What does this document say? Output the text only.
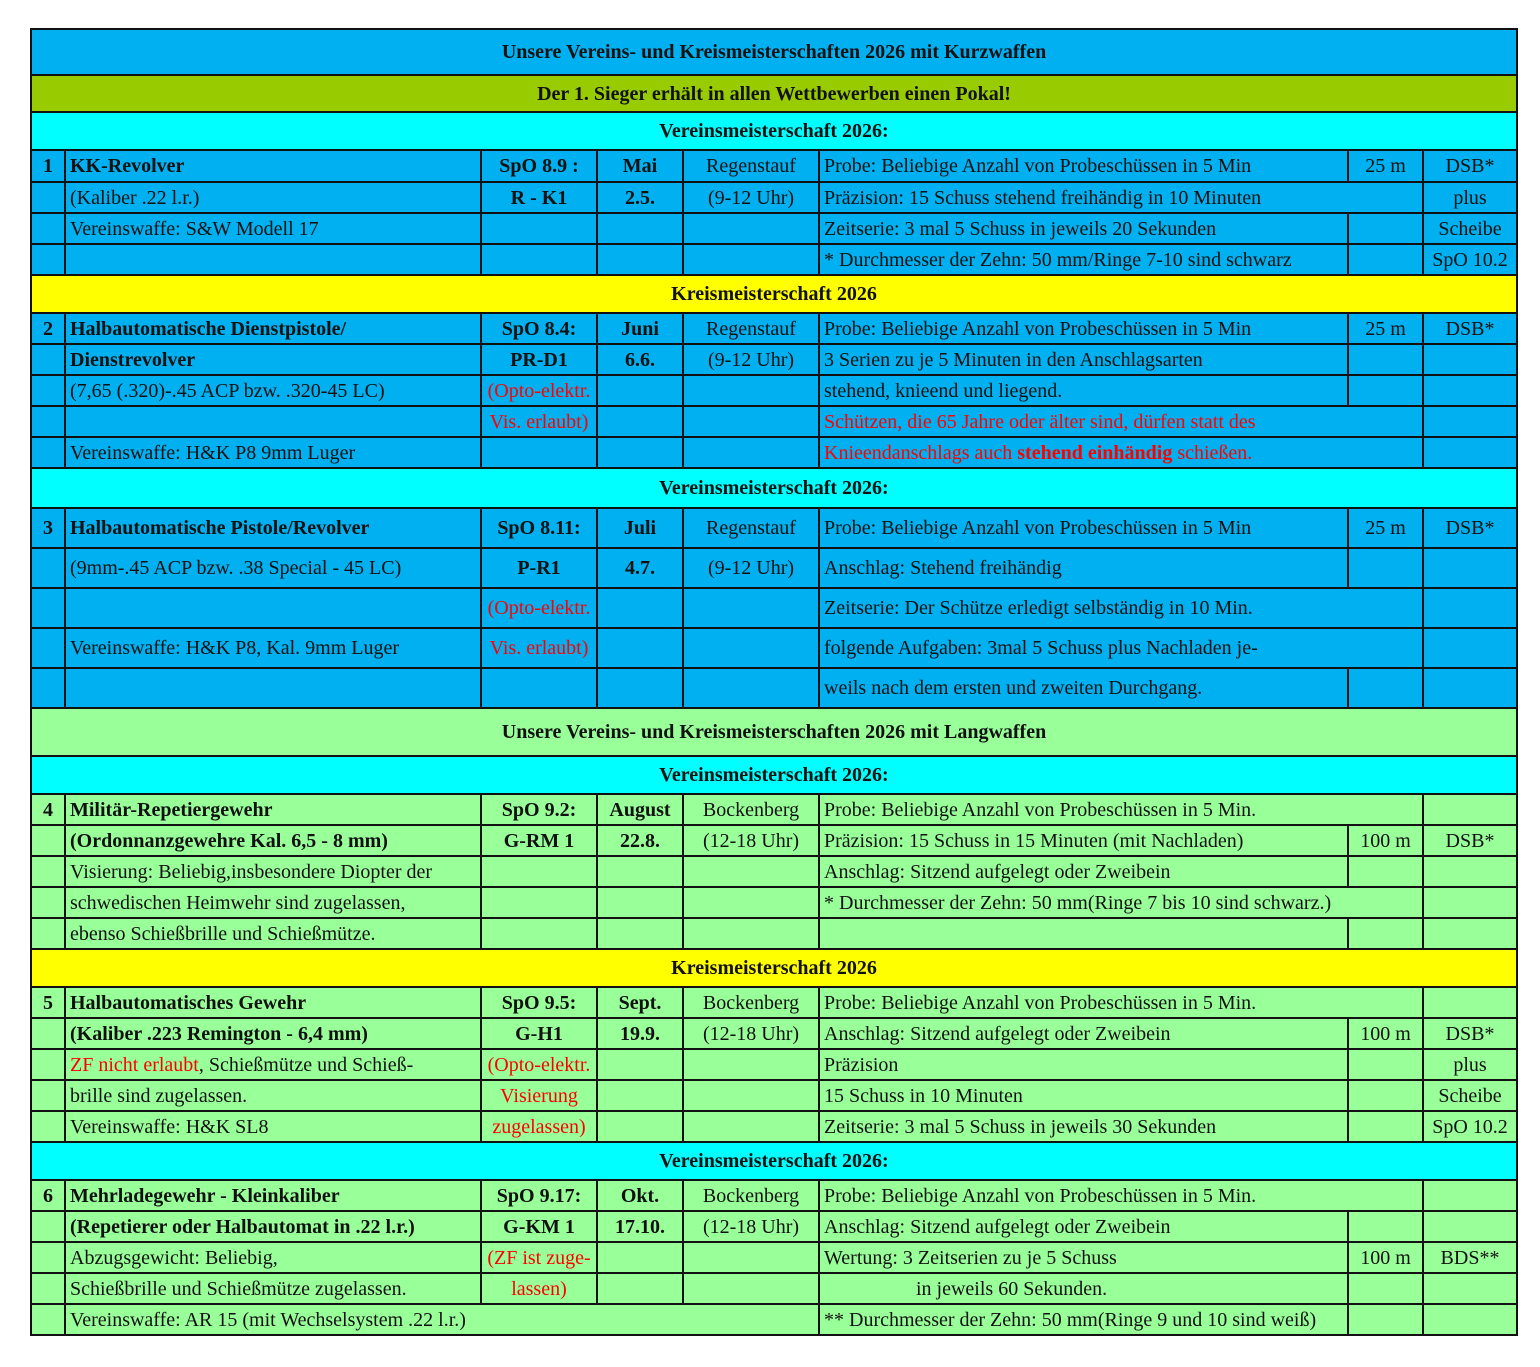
Unsere Vereins- und Kreismeisterschaften 2026 mit Kurzwaffen							
Der 1. Sieger erhält in allen Wettbewerben einen Pokal!							
Vereinsmeisterschaft 2026:							
1	KK-Revolver	SpO 8.9 :	Mai	Regenstauf	Probe: Beliebige Anzahl von Probeschüssen in 5 Min	25 m	DSB*
	(Kaliber .22 l.r.)	R - K1	2.5.	(9-12 Uhr)	Präzision: 15 Schuss stehend freihändig in 10 Minuten		plus
	Vereinswaffe: S&W Modell 17				Zeitserie: 3 mal 5 Schuss in jeweils 20 Sekunden		Scheibe
					* Durchmesser der Zehn: 50 mm/Ringe 7-10 sind schwarz		SpO 10.2
Kreismeisterschaft 2026							
2	Halbautomatische Dienstpistole/	SpO 8.4:	Juni	Regenstauf	Probe: Beliebige Anzahl von Probeschüssen in 5 Min	25 m	DSB*
	Dienstrevolver	PR-D1	6.6.	(9-12 Uhr)	3 Serien zu je 5 Minuten in den Anschlagsarten		
	(7,65 (.320)-.45 ACP bzw. .320-45 LC)	(Opto-elektr.			stehend, knieend und liegend.		
		Vis. erlaubt)			Schützen, die 65 Jahre oder älter sind, dürfen statt des		
	Vereinswaffe: H&K P8 9mm Luger				Knieendanschlags auch stehend einhändig schießen.		
Vereinsmeisterschaft 2026:							
3	Halbautomatische Pistole/Revolver	SpO 8.11:	Juli	Regenstauf	Probe: Beliebige Anzahl von Probeschüssen in 5 Min	25 m	DSB*
	(9mm-.45 ACP bzw. .38 Special - 45 LC)	P-R1	4.7.	(9-12 Uhr)	Anschlag: Stehend freihändig		
		(Opto-elektr.			Zeitserie: Der Schütze erledigt selbständig in 10 Min.		
	Vereinswaffe: H&K P8, Kal. 9mm Luger	Vis. erlaubt)			folgende Aufgaben: 3mal 5 Schuss plus Nachladen je-		
					weils nach dem ersten und zweiten Durchgang.		
Unsere Vereins- und Kreismeisterschaften 2026 mit Langwaffen							
Vereinsmeisterschaft 2026:							
4	Militär-Repetiergewehr	SpO 9.2:	August	Bockenberg	Probe: Beliebige Anzahl von Probeschüssen in 5 Min.		
	(Ordonnanzgewehre Kal. 6,5 - 8 mm)	G-RM 1	22.8.	(12-18 Uhr)	Präzision: 15 Schuss in 15 Minuten (mit Nachladen)	100 m	DSB*
	Visierung: Beliebig,insbesondere Diopter der				Anschlag: Sitzend aufgelegt oder Zweibein		
	schwedischen Heimwehr sind zugelassen,				* Durchmesser der Zehn: 50 mm(Ringe 7 bis 10 sind schwarz.)		
	ebenso Schießbrille und Schießmütze.						
Kreismeisterschaft 2026							
5	Halbautomatisches Gewehr	SpO 9.5:	Sept.	Bockenberg	Probe: Beliebige Anzahl von Probeschüssen in 5 Min.		
	(Kaliber .223 Remington - 6,4 mm)	G-H1	19.9.	(12-18 Uhr)	Anschlag: Sitzend aufgelegt oder Zweibein	100 m	DSB*
	ZF nicht erlaubt, Schießmütze und Schieß-	(Opto-elektr.			Präzision		plus
	brille sind zugelassen.	Visierung			15 Schuss in 10 Minuten		Scheibe
	Vereinswaffe: H&K SL8	zugelassen)			Zeitserie: 3 mal 5 Schuss in jeweils 30 Sekunden		SpO 10.2
Vereinsmeisterschaft 2026:							
6	Mehrladegewehr - Kleinkaliber	SpO 9.17:	Okt.	Bockenberg	Probe: Beliebige Anzahl von Probeschüssen in 5 Min.		
	(Repetierer oder Halbautomat in .22 l.r.)	G-KM 1	17.10.	(12-18 Uhr)	Anschlag: Sitzend aufgelegt oder Zweibein		
	Abzugsgewicht: Beliebig,	(ZF ist zuge-			Wertung: 3 Zeitserien zu je 5 Schuss	100 m	BDS**
	Schießbrille und Schießmütze zugelassen.	lassen)			in jeweils 60 Sekunden.		
	Vereinswaffe: AR 15 (mit Wechselsystem .22 l.r.)				** Durchmesser der Zehn: 50 mm(Ringe 9 und 10 sind weiß)		
